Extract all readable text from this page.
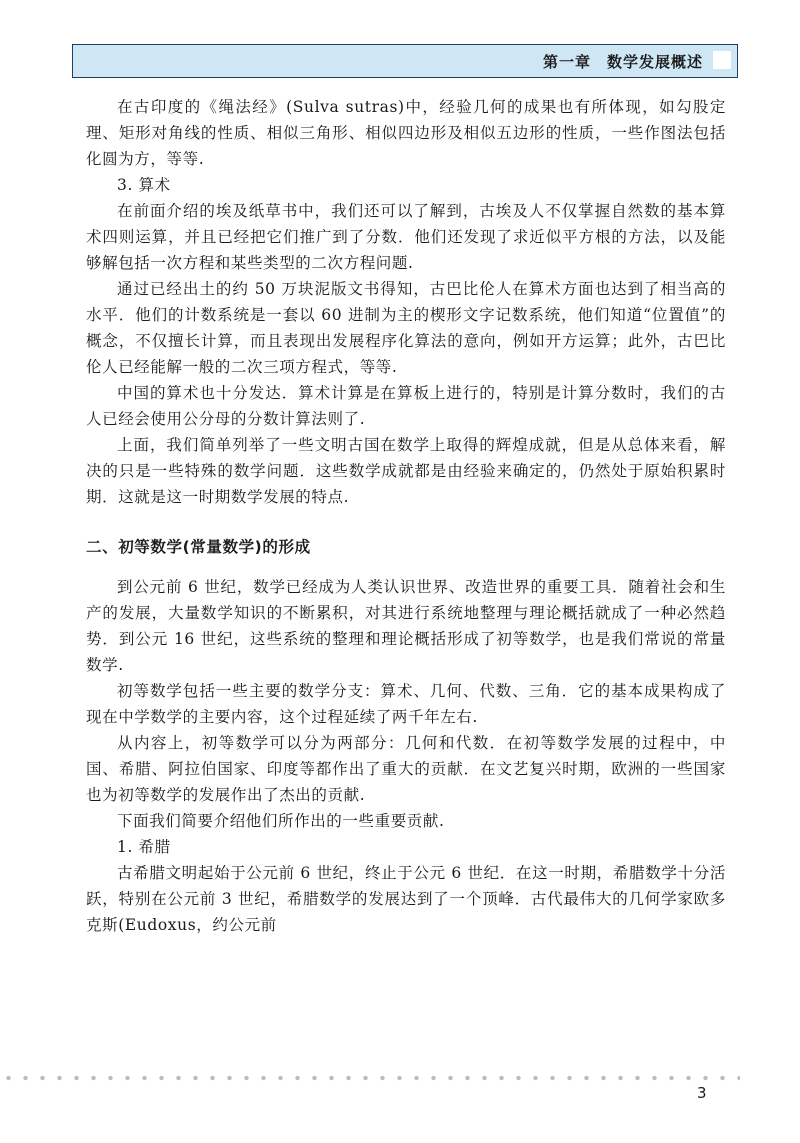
第一章　数学发展概述

在古印度的《绳法经》(Sulva sutras)中，经验几何的成果也有所体现，如勾股定理、矩形对角线的性质、相似三角形、相似四边形及相似五边形的性质，一些作图法包括化圆为方，等等.

3. 算术

在前面介绍的埃及纸草书中，我们还可以了解到，古埃及人不仅掌握自然数的基本算术四则运算，并且已经把它们推广到了分数．他们还发现了求近似平方根的方法，以及能够解包括一次方程和某些类型的二次方程问题.

通过已经出土的约 50 万块泥版文书得知，古巴比伦人在算术方面也达到了相当高的水平．他们的计数系统是一套以 60 进制为主的楔形文字记数系统，他们知道“位置值”的概念，不仅擅长计算，而且表现出发展程序化算法的意向，例如开方运算；此外，古巴比伦人已经能解一般的二次三项方程式，等等.

中国的算术也十分发达．算术计算是在算板上进行的，特别是计算分数时，我们的古人已经会使用公分母的分数计算法则了.

上面，我们简单列举了一些文明古国在数学上取得的辉煌成就，但是从总体来看，解决的只是一些特殊的数学问题．这些数学成就都是由经验来确定的，仍然处于原始积累时期．这就是这一时期数学发展的特点.

二、初等数学(常量数学)的形成

到公元前 6 世纪，数学已经成为人类认识世界、改造世界的重要工具．随着社会和生产的发展，大量数学知识的不断累积，对其进行系统地整理与理论概括就成了一种必然趋势．到公元 16 世纪，这些系统的整理和理论概括形成了初等数学，也是我们常说的常量数学.

初等数学包括一些主要的数学分支：算术、几何、代数、三角．它的基本成果构成了现在中学数学的主要内容，这个过程延续了两千年左右.

从内容上，初等数学可以分为两部分：几何和代数．在初等数学发展的过程中，中国、希腊、阿拉伯国家、印度等都作出了重大的贡献．在文艺复兴时期，欧洲的一些国家也为初等数学的发展作出了杰出的贡献.

下面我们简要介绍他们所作出的一些重要贡献.

1. 希腊

古希腊文明起始于公元前 6 世纪，终止于公元 6 世纪．在这一时期，希腊数学十分活跃，特别在公元前 3 世纪，希腊数学的发展达到了一个顶峰．古代最伟大的几何学家欧多克斯(Eudoxus，约公元前

3
